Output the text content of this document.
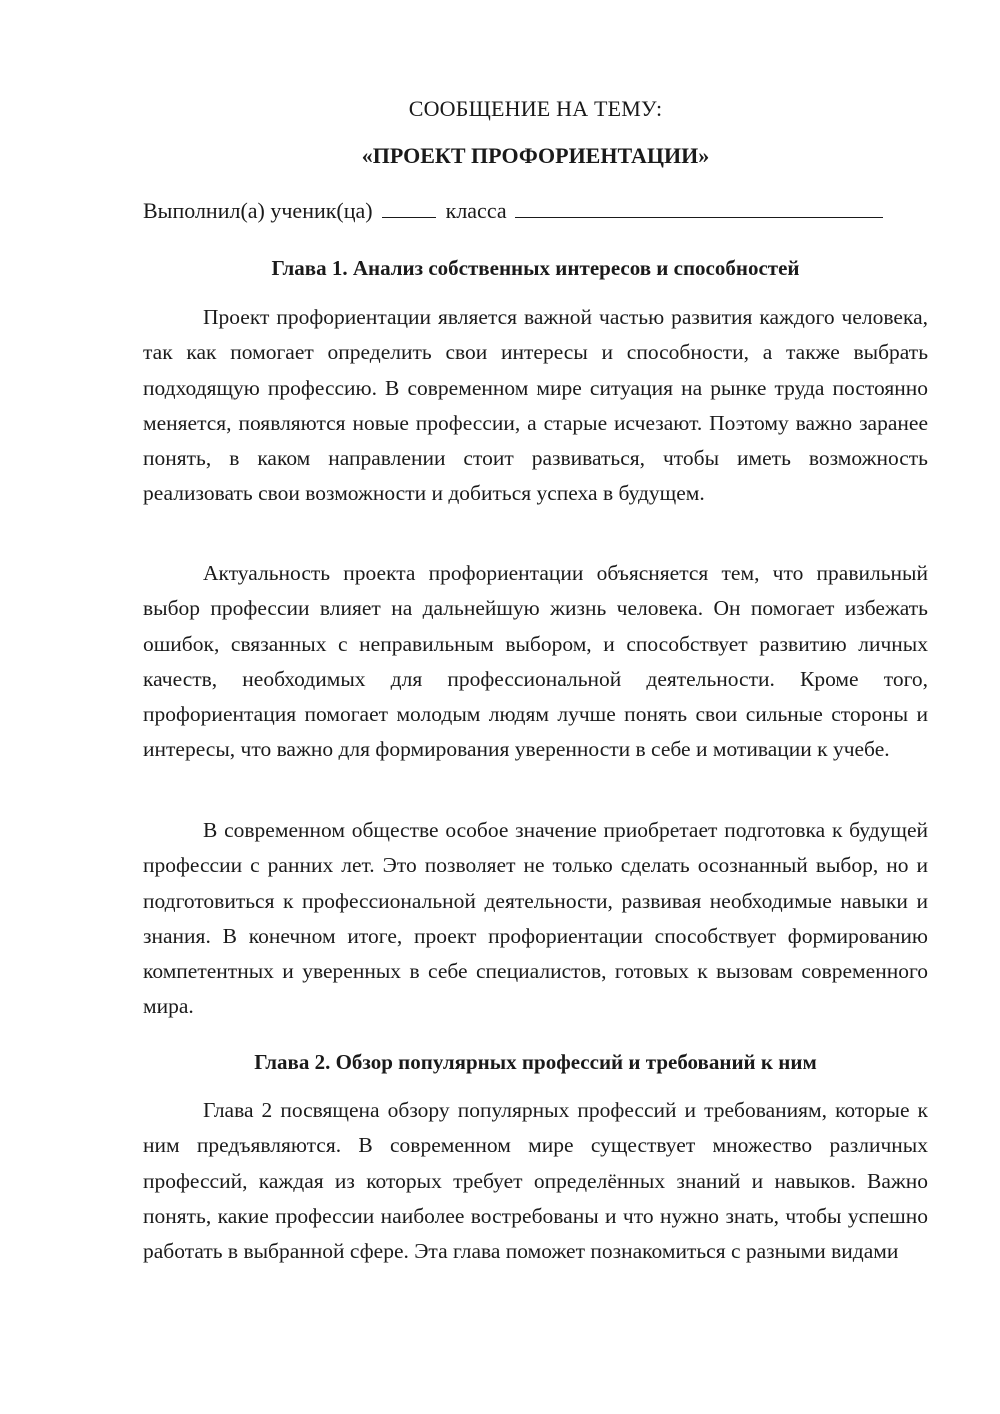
СООБЩЕНИЕ НА ТЕМУ:

«ПРОЕКТ ПРОФОРИЕНТАЦИИ»

Выполнил(а) ученик(ца)	класса

Глава 1. Анализ собственных интересов и способностей

Проект профориентации является важной частью развития каждого человека, так как помогает определить свои интересы и способности, а также выбрать подходящую профессию. В современном мире ситуация на рынке труда постоянно меняется, появляются новые профессии, а старые исчезают. Поэтому важно заранее понять, в каком направлении стоит развиваться, чтобы иметь возможность реализовать свои возможности и добиться успеха в будущем.

Актуальность проекта профориентации объясняется тем, что правильный выбор профессии влияет на дальнейшую жизнь человека. Он помогает избежать ошибок, связанных с неправильным выбором, и способствует развитию личных качеств, необходимых для профессиональной деятельности. Кроме того, профориентация помогает молодым людям лучше понять свои сильные стороны и интересы, что важно для формирования уверенности в себе и мотивации к учебе.

В современном обществе особое значение приобретает подготовка к будущей профессии с ранних лет. Это позволяет не только сделать осознанный выбор, но и подготовиться к профессиональной деятельности, развивая необходимые навыки и знания. В конечном итоге, проект профориентации способствует формированию компетентных и уверенных в себе специалистов, готовых к вызовам современного мира.

Глава 2. Обзор популярных профессий и требований к ним

Глава 2 посвящена обзору популярных профессий и требованиям, которые к ним предъявляются. В современном мире существует множество различных профессий, каждая из которых требует определённых знаний и навыков. Важно понять, какие профессии наиболее востребованы и что нужно знать, чтобы успешно работать в выбранной сфере. Эта глава поможет познакомиться с разными видами
